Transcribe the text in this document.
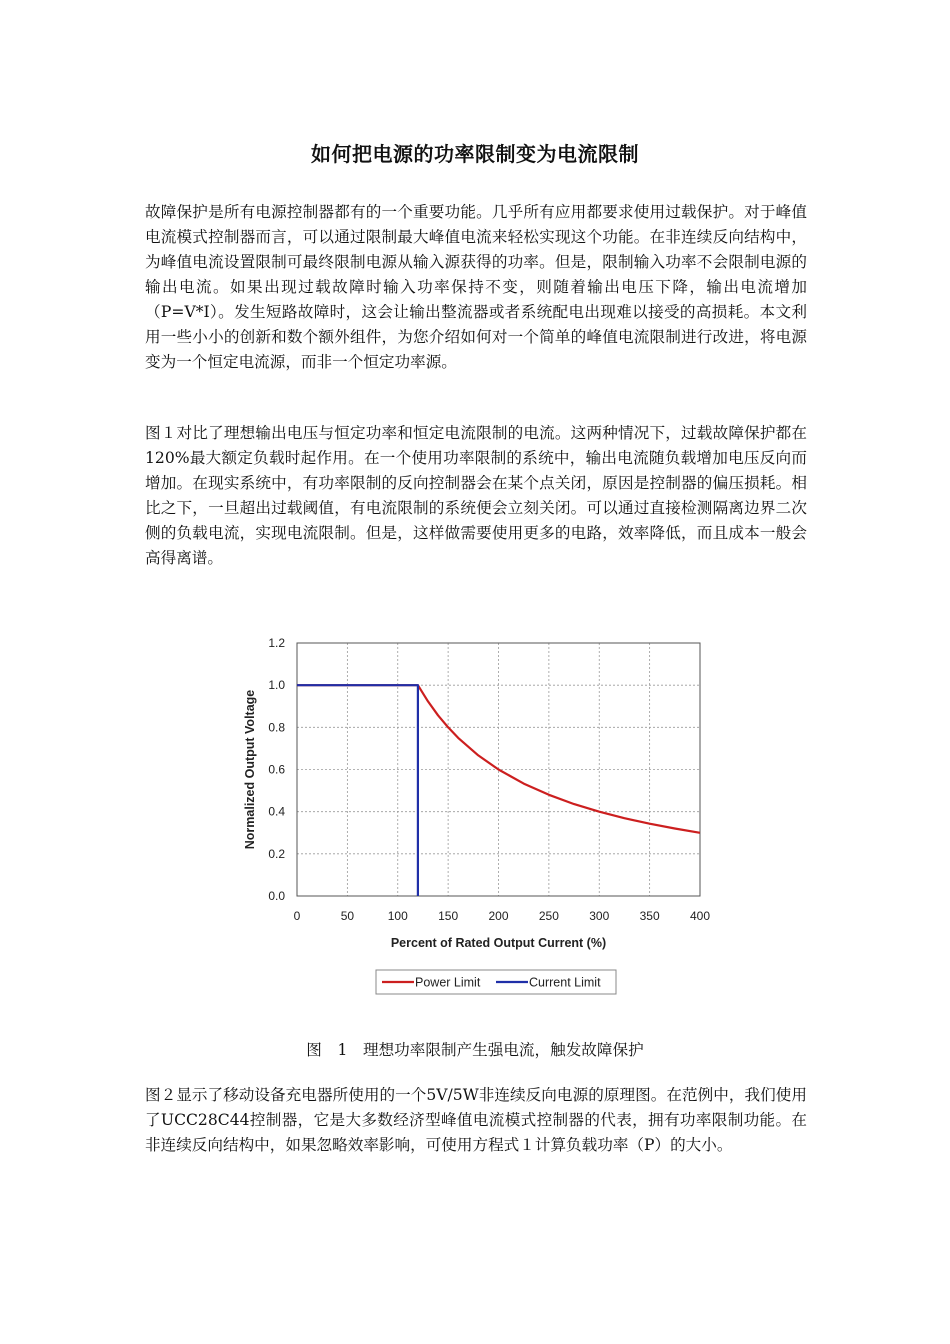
如何把电源的功率限制变为电流限制

故障保护是所有电源控制器都有的一个重要功能。几乎所有应用都要求使用过载保护。对于峰值电流模式控制器而言，可以通过限制最大峰值电流来轻松实现这个功能。在非连续反向结构中，为峰值电流设置限制可最终限制电源从输入源获得的功率。但是，限制输入功率不会限制电源的输出电流。如果出现过载故障时输入功率保持不变，则随着输出电压下降，输出电流增加（P=V*I）。发生短路故障时，这会让输出整流器或者系统配电出现难以接受的高损耗。本文利用一些小小的创新和数个额外组件，为您介绍如何对一个简单的峰值电流限制进行改进，将电源变为一个恒定电流源，而非一个恒定功率源。

图１对比了理想输出电压与恒定功率和恒定电流限制的电流。这两种情况下，过载故障保护都在120%最大额定负载时起作用。在一个使用功率限制的系统中，输出电流随负载增加电压反向而增加。在现实系统中，有功率限制的反向控制器会在某个点关闭，原因是控制器的偏压损耗。相比之下，一旦超出过载阈值，有电流限制的系统便会立刻关闭。可以通过直接检测隔离边界二次侧的负载电流，实现电流限制。但是，这样做需要使用更多的电路，效率降低，而且成本一般会高得离谱。

0	50	100	150	200	250	300	350	400
0.0
0.2
0.4
0.6
0.8
1.0
1.2
Percent of Rated Output Current (%)
Normalized Output Voltage
Power Limit	Current Limit
图　1　理想功率限制产生强电流，触发故障保护

图２显示了移动设备充电器所使用的一个5V/5W非连续反向电源的原理图。在范例中，我们使用了UCC28C44控制器，它是大多数经济型峰值电流模式控制器的代表，拥有功率限制功能。在非连续反向结构中，如果忽略效率影响，可使用方程式１计算负载功率（P）的大小。
